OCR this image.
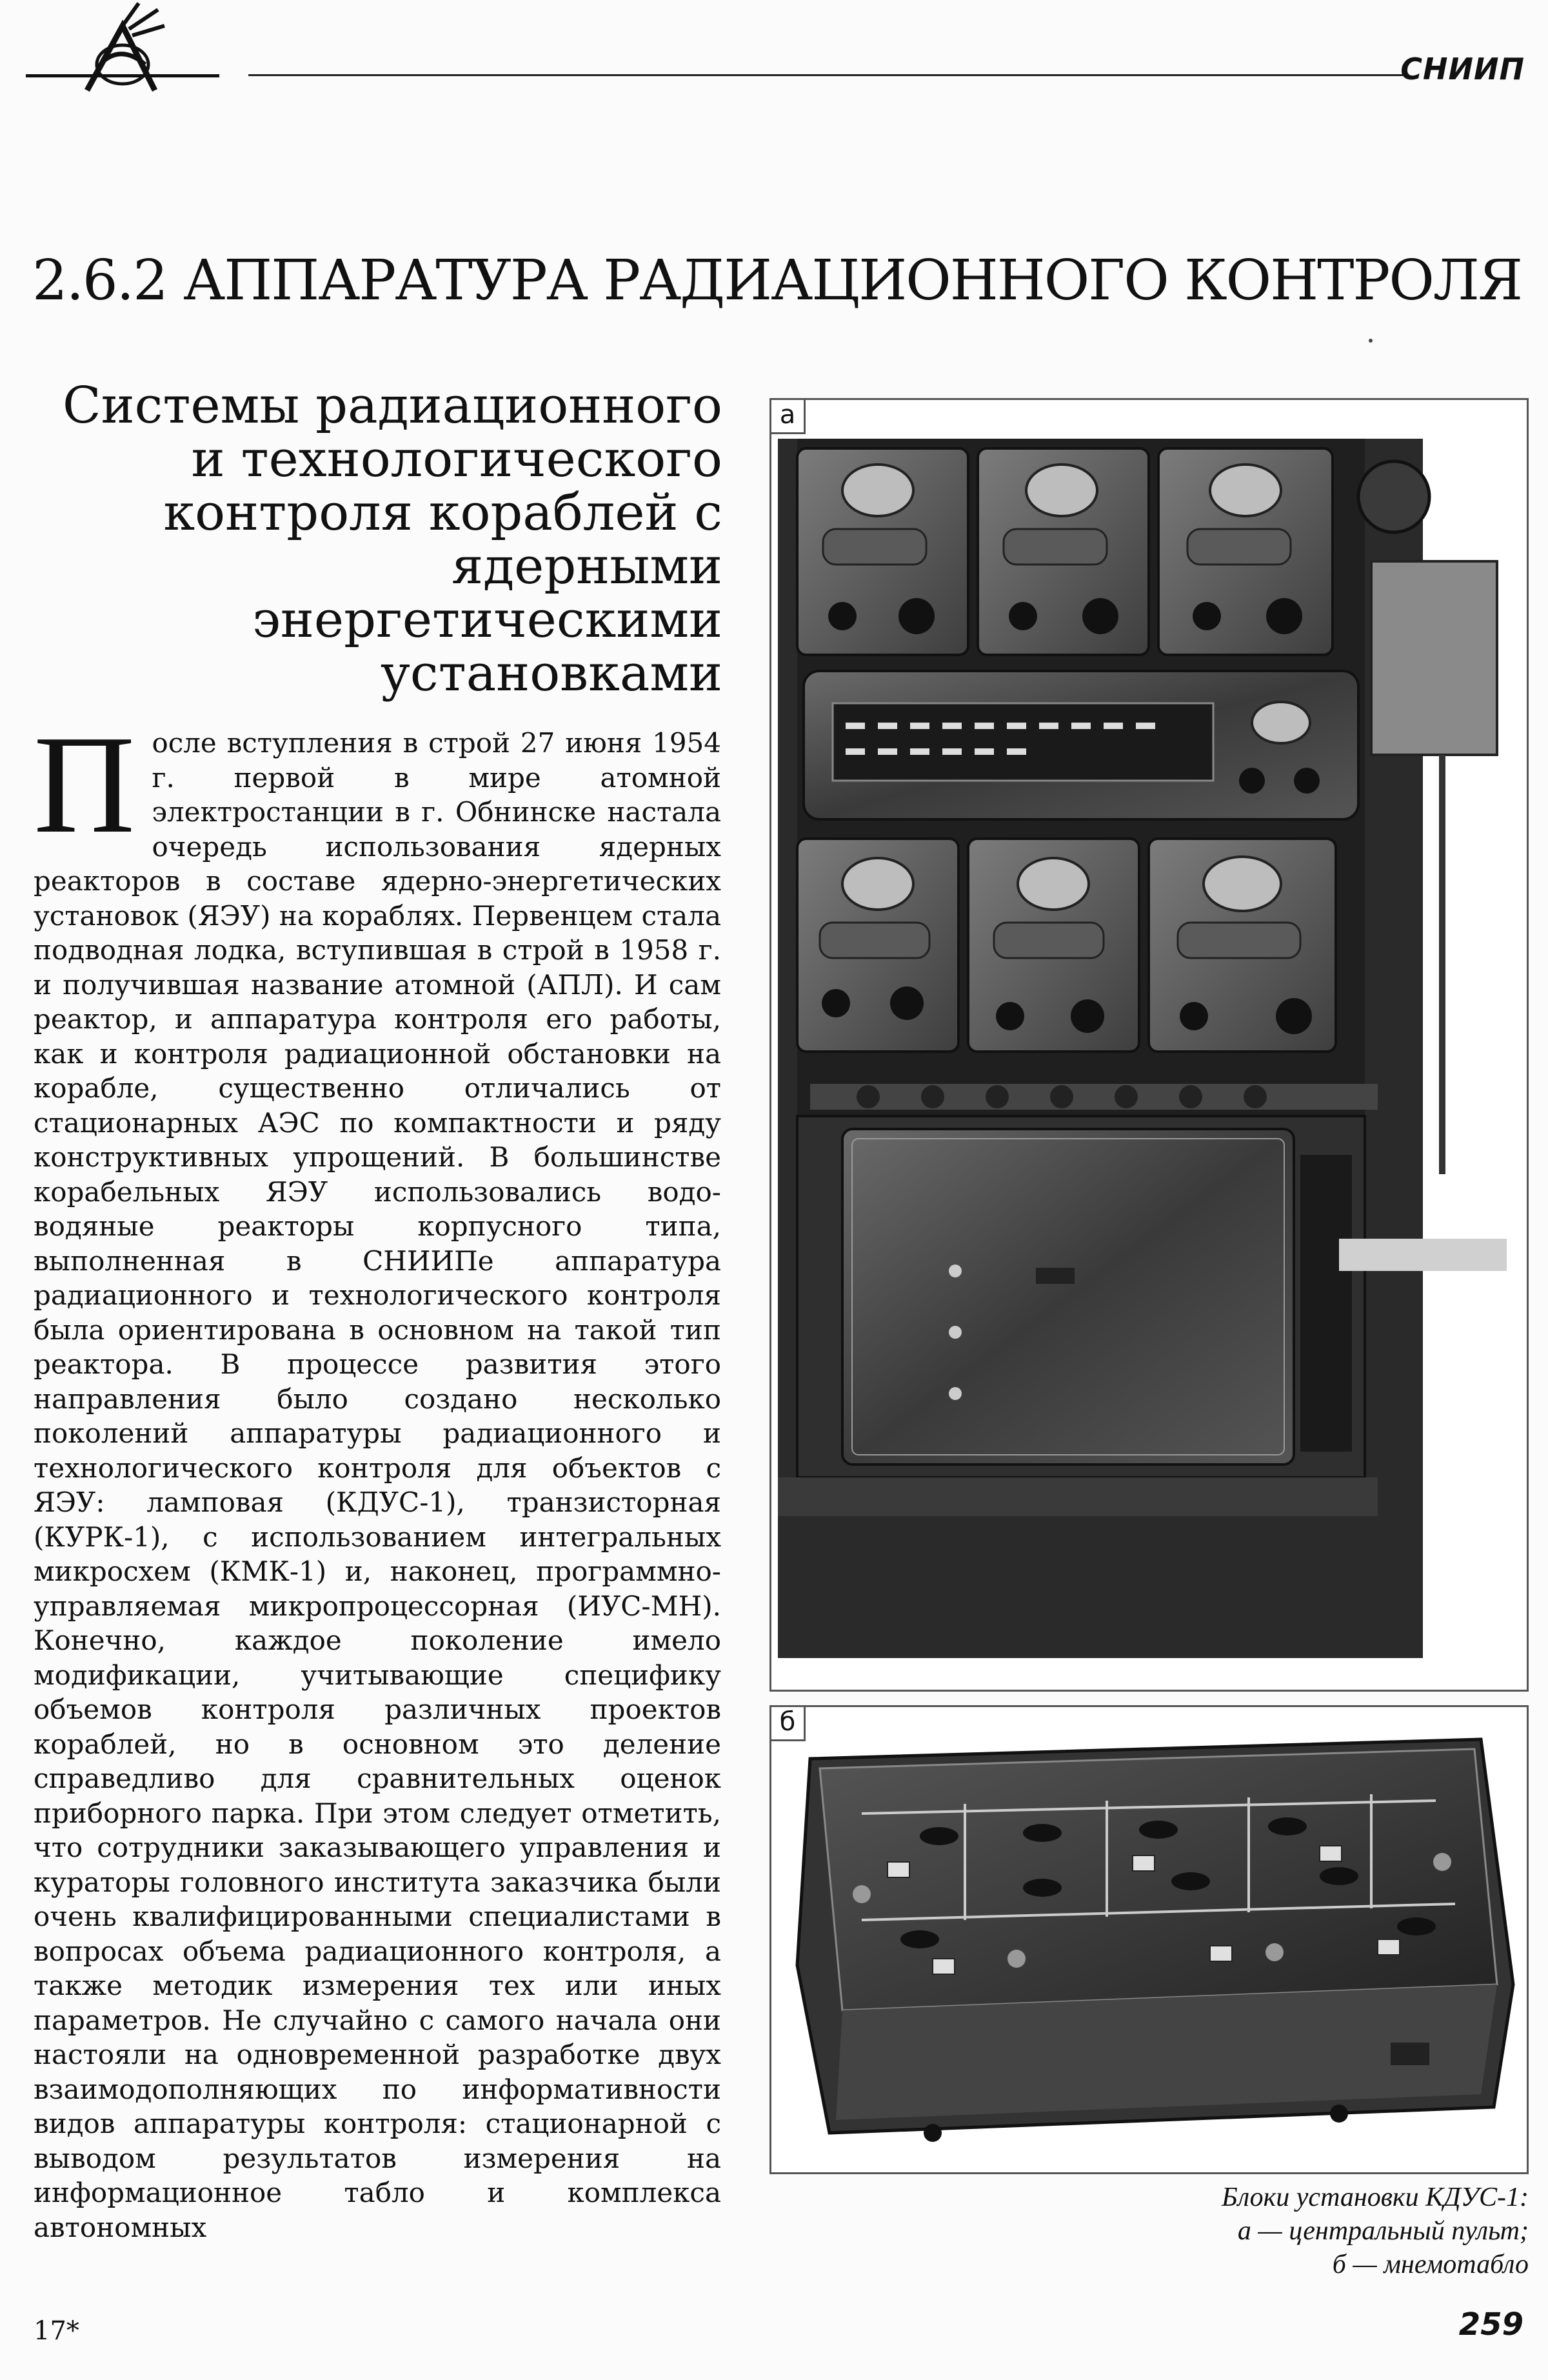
СНИИП
2.6.2 АППАРАТУРА РАДИАЦИОННОГО КОНТРОЛЯ
Системы радиационного и технологического контроля кораблей с ядерными энергетическими установками

После вступления в строй 27 июня 1954 г. первой в мире атомной электростанции в г. Обнинске настала очередь использования ядерных реакторов в составе ядерно-энергетических установок (ЯЭУ) на кораблях. Первенцем стала подводная лодка, вступившая в строй в 1958 г. и получившая название атомной (АПЛ). И сам реактор, и аппаратура контроля его работы, как и контроля радиационной обстановки на корабле, существенно отличались от стационарных АЭС по компактности и ряду конструктивных упрощений. В большинстве корабельных ЯЭУ использовались водо-водяные реакторы корпусного типа, выполненная в СНИИПе аппаратура радиационного и технологического контроля была ориентирована в основном на такой тип реактора. В процессе развития этого направления было создано несколько поколений аппаратуры радиационного и технологического контроля для объектов с ЯЭУ: ламповая (КДУС-1), транзисторная (КУРК-1), с использованием интегральных микросхем (КМК-1) и, наконец, программно-управляемая микропроцессорная (ИУС-МН). Конечно, каждое поколение имело модификации, учитывающие специфику объемов контроля различных проектов кораблей, но в основном это деление справедливо для сравнительных оценок приборного парка. При этом следует отметить, что сотрудники заказывающего управления и кураторы головного института заказчика были очень квалифицированными специалистами в вопросах объема радиационного контроля, а также методик измерения тех или иных параметров. Не случайно с самого начала они настояли на одновременной разработке двух взаимодополняющих по информативности видов аппаратуры контроля: стационарной с выводом результатов измерения на информационное табло и комплекса автономных

а
б
Блоки установки КДУС-1:
а — центральный пульт;
б — мнемотабло
17*	259
